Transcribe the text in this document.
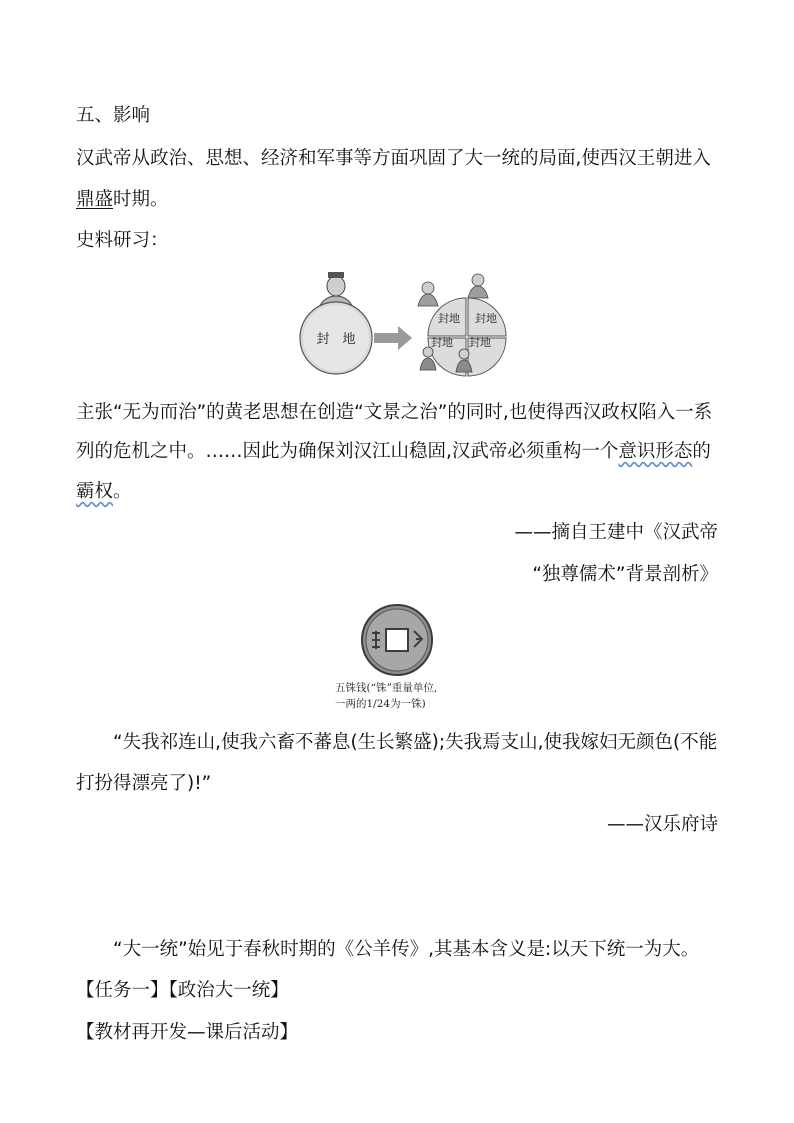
五、影响
汉武帝从政治、思想、经济和军事等方面巩固了大一统的局面,使西汉王朝进入
鼎盛时期。
史料研习：
封　地
封地 封地
封地 封地
主张“无为而治”的黄老思想在创造“文景之治”的同时,也使得西汉政权陷入一系
列的危机之中。……因此为确保刘汉江山稳固,汉武帝必须重构一个意识形态的
霸权。
——摘自王建中《汉武帝
“独尊儒术”背景剖析》
五铢钱(“铢”重量单位,
一两的1/24为一铢)
“失我祁连山,使我六畜不蕃息(生长繁盛);失我焉支山,使我嫁妇无颜色(不能
打扮得漂亮了)!”
——汉乐府诗
“大一统”始见于春秋时期的《公羊传》,其基本含义是:以天下统一为大。
【任务一】【政治大一统】
【教材再开发—课后活动】
